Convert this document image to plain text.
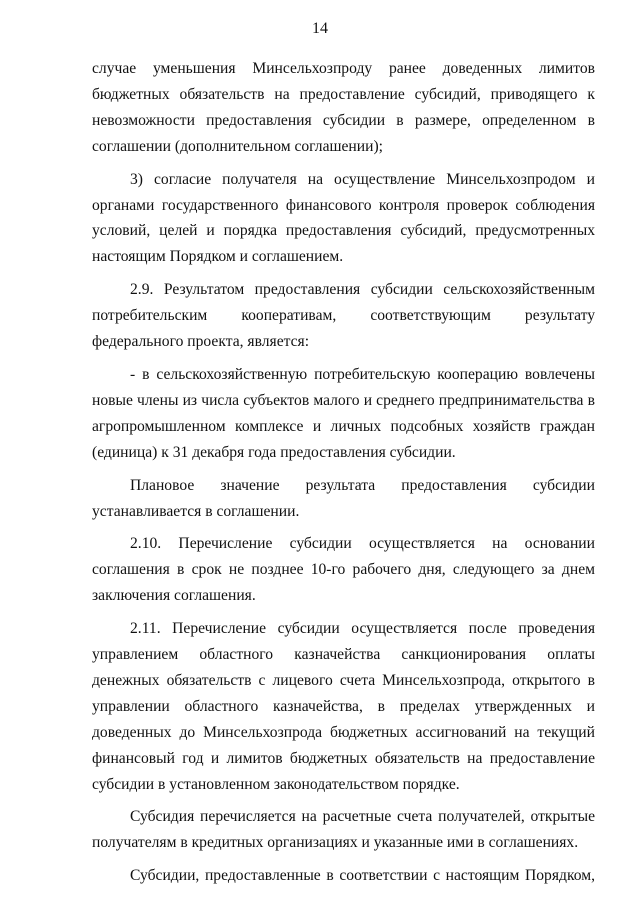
14

случае уменьшения Минсельхозпроду ранее доведенных лимитов бюджетных обязательств на предоставление субсидий, приводящего к невозможности предоставления субсидии в размере, определенном в соглашении (дополнительном соглашении);

3) согласие получателя на осуществление Минсельхозпродом и органами государственного финансового контроля проверок соблюдения условий, целей и порядка предоставления субсидий, предусмотренных настоящим Порядком и соглашением.

2.9. Результатом предоставления субсидии сельскохозяйственным потребительским кооперативам, соответствующим результату федерального проекта, является:

- в сельскохозяйственную потребительскую кооперацию вовлечены новые члены из числа субъектов малого и среднего предпринимательства в агропромышленном комплексе и личных подсобных хозяйств граждан (единица) к 31 декабря года предоставления субсидии.

Плановое значение результата предоставления субсидии устанавливается в соглашении.

2.10. Перечисление субсидии осуществляется на основании соглашения в срок не позднее 10-го рабочего дня, следующего за днем заключения соглашения.

2.11. Перечисление субсидии осуществляется после проведения управлением областного казначейства санкционирования оплаты денежных обязательств с лицевого счета Минсельхозпрода, открытого в управлении областного казначейства, в пределах утвержденных и доведенных до Минсельхозпрода бюджетных ассигнований на текущий финансовый год и лимитов бюджетных обязательств на предоставление субсидии в установленном законодательством порядке.

Субсидия перечисляется на расчетные счета получателей, открытые получателям в кредитных организациях и указанные ими в соглашениях.

Субсидии, предоставленные в соответствии с настоящим Порядком,
